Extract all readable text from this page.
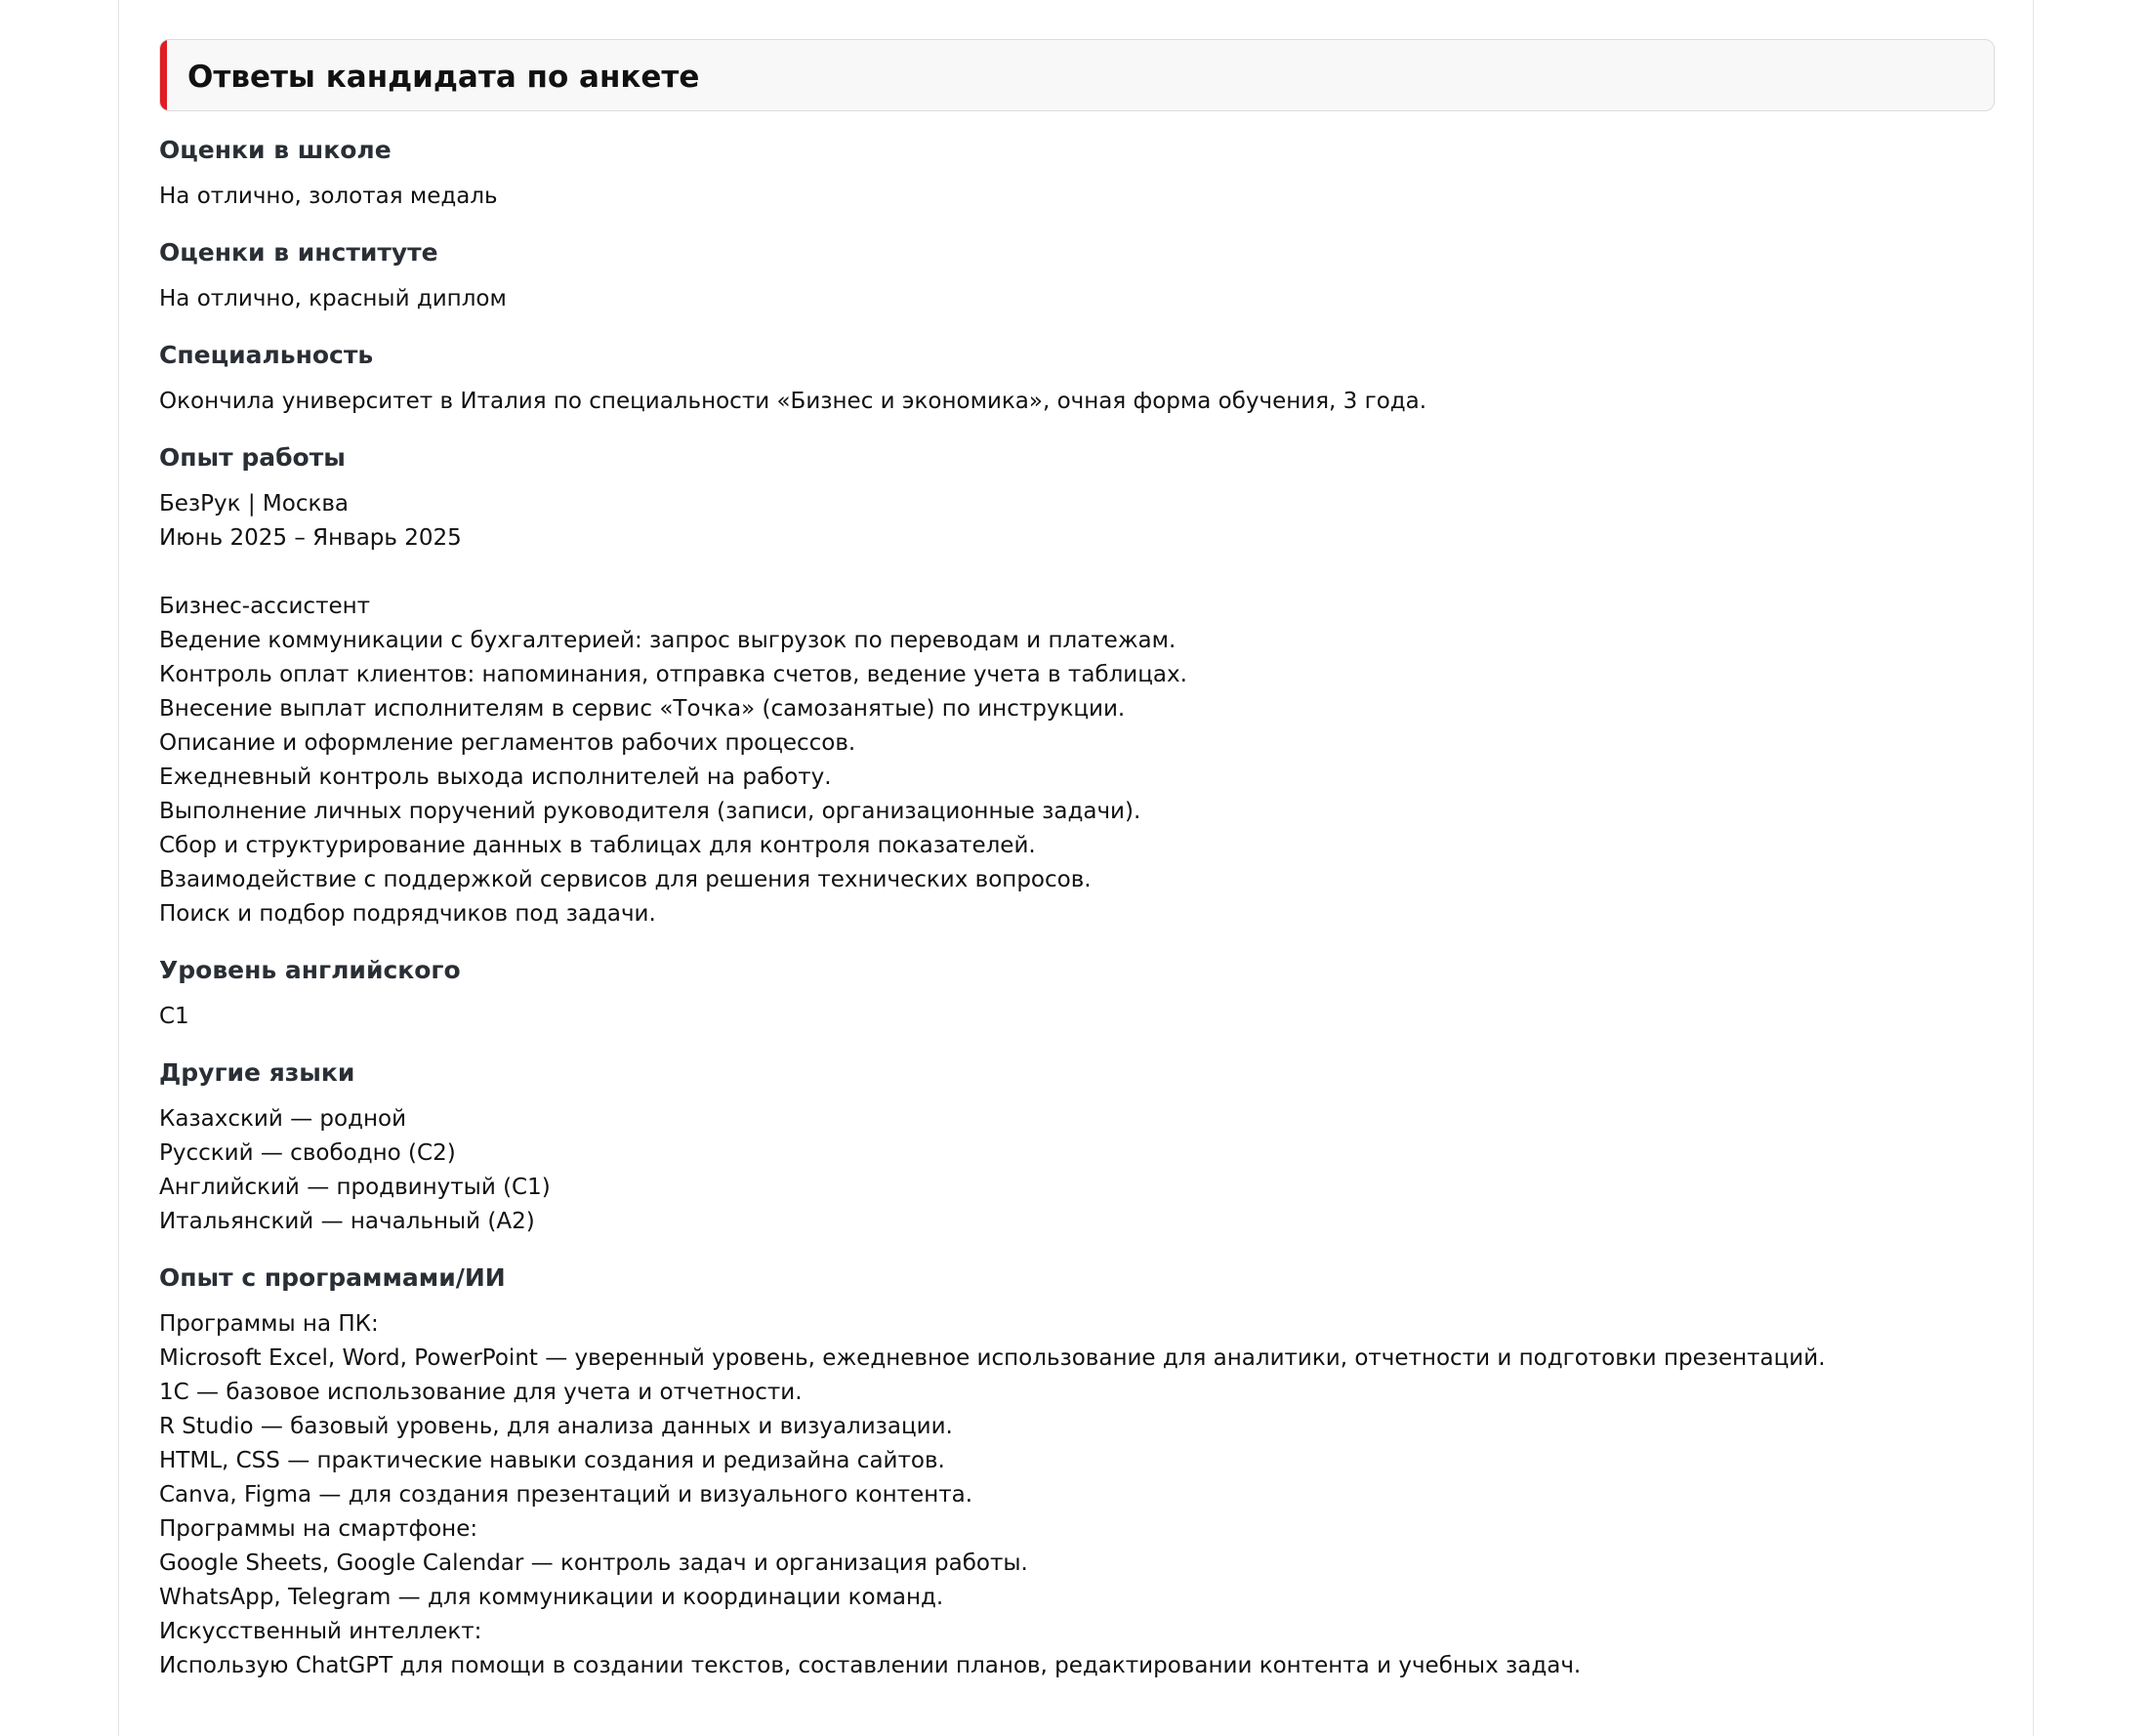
Ответы кандидата по анкете
Оценки в школе
На отлично, золотая медаль
Оценки в институте
На отлично, красный диплом
Специальность
Окончила университет в Италия по специальности «Бизнес и экономика», очная форма обучения, 3 года.
Опыт работы
БезРук | Москва
Июнь 2025 – Январь 2025
Бизнес-ассистент
Ведение коммуникации с бухгалтерией: запрос выгрузок по переводам и платежам.
Контроль оплат клиентов: напоминания, отправка счетов, ведение учета в таблицах.
Внесение выплат исполнителям в сервис «Точка» (самозанятые) по инструкции.
Описание и оформление регламентов рабочих процессов.
Ежедневный контроль выхода исполнителей на работу.
Выполнение личных поручений руководителя (записи, организационные задачи).
Сбор и структурирование данных в таблицах для контроля показателей.
Взаимодействие с поддержкой сервисов для решения технических вопросов.
Поиск и подбор подрядчиков под задачи.
Уровень английского
C1
Другие языки
Казахский — родной
Русский — свободно (C2)
Английский — продвинутый (C1)
Итальянский — начальный (A2)
Опыт с программами/ИИ
Программы на ПК:
Microsoft Excel, Word, PowerPoint — уверенный уровень, ежедневное использование для аналитики, отчетности и подготовки презентаций.
1C — базовое использование для учета и отчетности.
R Studio — базовый уровень, для анализа данных и визуализации.
HTML, CSS — практические навыки создания и редизайна сайтов.
Canva, Figma — для создания презентаций и визуального контента.
Программы на смартфоне:
Google Sheets, Google Calendar — контроль задач и организация работы.
WhatsApp, Telegram — для коммуникации и координации команд.
Искусственный интеллект:
Использую ChatGPT для помощи в создании текстов, составлении планов, редактировании контента и учебных задач.
